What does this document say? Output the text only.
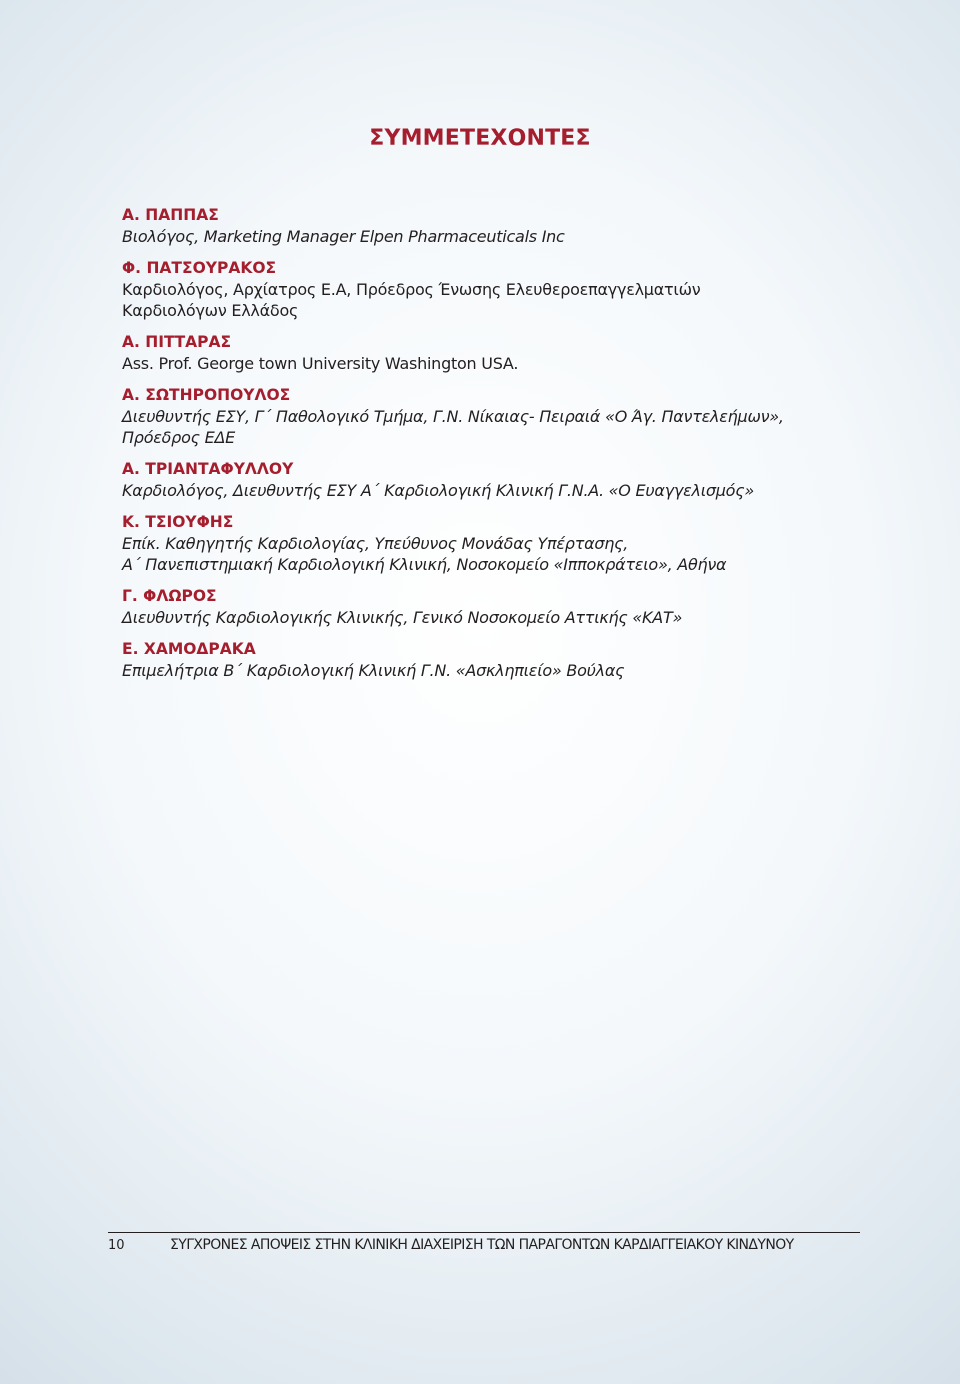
ΣΥΜΜΕΤΕΧΟΝΤΕΣ
Α. ΠΑΠΠΑΣ
Βιολόγος, Marketing Manager Elpen Pharmaceuticals Inc
Φ. ΠΑΤΣΟΥΡΑΚΟΣ
Καρδιολόγος, Αρχίατρος Ε.Α, Πρόεδρος Ένωσης Ελευθεροεπαγγελματιών
Καρδιολόγων Ελλάδος
Α. ΠΙΤΤΑΡΑΣ
Ass. Prof. George town University Washington USA.
Α. ΣΩΤΗΡΟΠΟΥΛΟΣ
Διευθυντής ΕΣΥ, Γ΄ Παθολογικό Τμήμα, Γ.Ν. Νίκαιας- Πειραιά «Ο Άγ. Παντελεήμων»,
Πρόεδρος ΕΔΕ
Α. ΤΡΙΑΝΤΑΦΥΛΛΟΥ
Καρδιολόγος, Διευθυντής ΕΣΥ Α΄ Καρδιολογική Κλινική Γ.Ν.Α. «Ο Ευαγγελισμός»
Κ. ΤΣΙΟΥΦΗΣ
Επίκ. Καθηγητής Καρδιολογίας, Υπεύθυνος Μονάδας Υπέρτασης,
Α΄ Πανεπιστημιακή Καρδιολογική Κλινική, Νοσοκομείο «Ιπποκράτειο», Αθήνα
Γ. ΦΛΩΡΟΣ
Διευθυντής Καρδιολογικής Κλινικής, Γενικό Νοσοκομείο Αττικής «ΚΑΤ»
Ε. ΧΑΜΟΔΡΑΚΑ
Επιμελήτρια Β΄ Καρδιολογική Κλινική Γ.Ν. «Ασκληπιείο» Βούλας
10	ΣΥΓΧΡΟΝΕΣ ΑΠΟΨΕΙΣ ΣΤΗΝ ΚΛΙΝΙΚΗ ΔΙΑΧΕΙΡΙΣΗ ΤΩΝ ΠΑΡΑΓΟΝΤΩΝ ΚΑΡΔΙΑΓΓΕΙΑΚΟΥ ΚΙΝΔΥΝΟΥ
